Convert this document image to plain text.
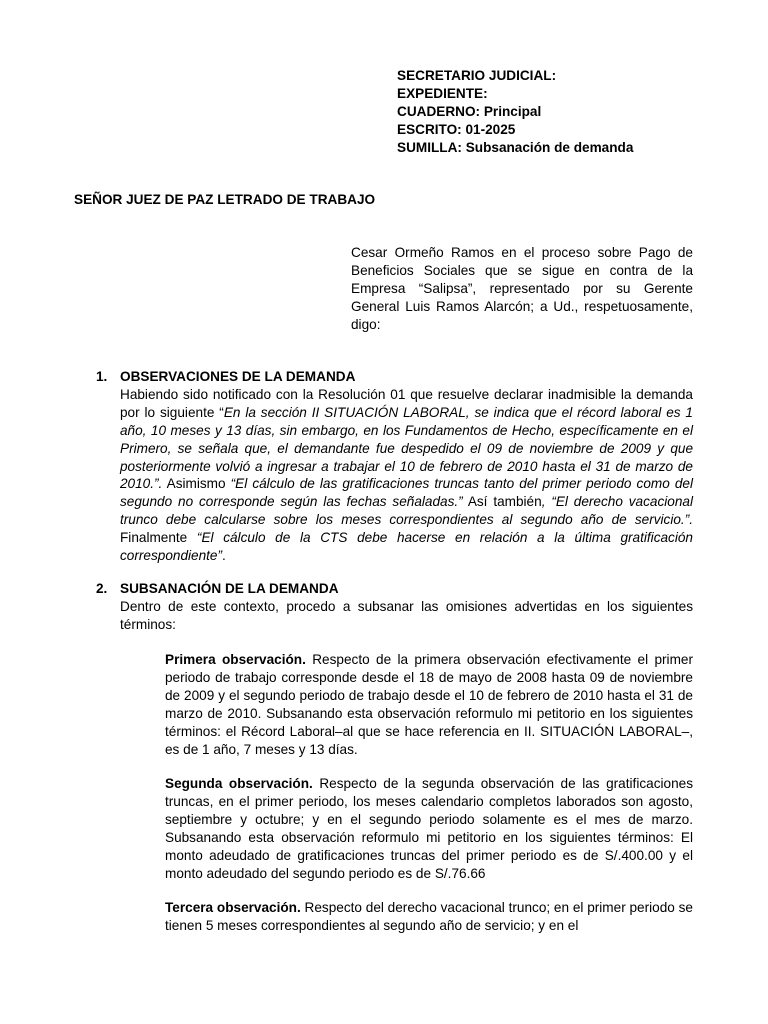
SECRETARIO JUDICIAL:
EXPEDIENTE:
CUADERNO: Principal
ESCRITO: 01-2025
SUMILLA: Subsanación de demanda
SEÑOR JUEZ DE PAZ LETRADO DE TRABAJO

Cesar Ormeño Ramos en el proceso sobre Pago de Beneficios Sociales que se sigue en contra de la Empresa “Salipsa”, representado por su Gerente General Luis Ramos Alarcón; a Ud., respetuosamente, digo:

1. OBSERVACIONES DE LA DEMANDA

Habiendo sido notificado con la Resolución 01 que resuelve declarar inadmisible la demanda por lo siguiente “En la sección II SITUACIÓN LABORAL, se indica que el récord laboral es 1 año, 10 meses y 13 días, sin embargo, en los Fundamentos de Hecho, específicamente en el Primero, se señala que, el demandante fue despedido el 09 de noviembre de 2009 y que posteriormente volvió a ingresar a trabajar el 10 de febrero de 2010 hasta el 31 de marzo de 2010.”. Asimismo “El cálculo de las gratificaciones truncas tanto del primer periodo como del segundo no corresponde según las fechas señaladas.” Así también, “El derecho vacacional trunco debe calcularse sobre los meses correspondientes al segundo año de servicio.”. Finalmente “El cálculo de la CTS debe hacerse en relación a la última gratificación correspondiente”.

2. SUBSANACIÓN DE LA DEMANDA

Dentro de este contexto, procedo a subsanar las omisiones advertidas en los siguientes términos:

Primera observación. Respecto de la primera observación efectivamente el primer periodo de trabajo corresponde desde el 18 de mayo de 2008 hasta 09 de noviembre de 2009 y el segundo periodo de trabajo desde el 10 de febrero de 2010 hasta el 31 de marzo de 2010. Subsanando esta observación reformulo mi petitorio en los siguientes términos: el Récord Laboral–al que se hace referencia en II. SITUACIÓN LABORAL–, es de 1 año, 7 meses y 13 días.

Segunda observación. Respecto de la segunda observación de las gratificaciones truncas, en el primer periodo, los meses calendario completos laborados son agosto, septiembre y octubre; y en el segundo periodo solamente es el mes de marzo. Subsanando esta observación reformulo mi petitorio en los siguientes términos: El monto adeudado de gratificaciones truncas del primer periodo es de S/.400.00 y el monto adeudado del segundo periodo es de S/.76.66

Tercera observación. Respecto del derecho vacacional trunco; en el primer periodo se tienen 5 meses correspondientes al segundo año de servicio; y en el
